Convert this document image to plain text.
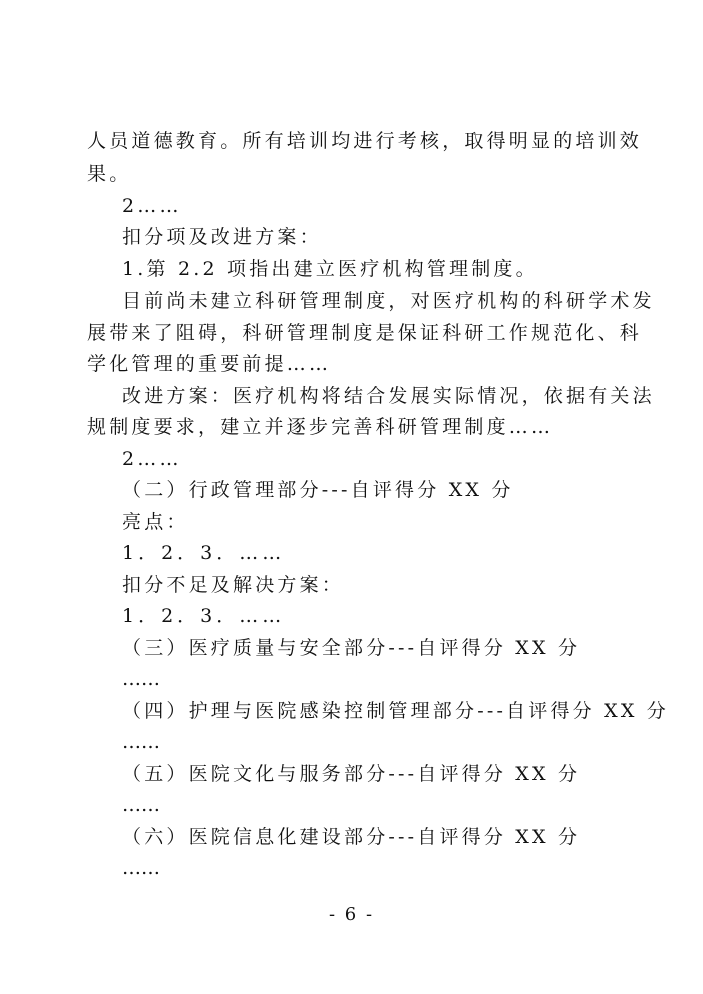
人员道德教育。所有培训均进行考核，取得明显的培训效
果。
2……
扣分项及改进方案：
1.第 2.2 项指出建立医疗机构管理制度。
目前尚未建立科研管理制度，对医疗机构的科研学术发
展带来了阻碍，科研管理制度是保证科研工作规范化、科
学化管理的重要前提……
改进方案：医疗机构将结合发展实际情况，依据有关法
规制度要求，建立并逐步完善科研管理制度……
2……
（二）行政管理部分---自评得分 XX 分
亮点：
1．2．3．……
扣分不足及解决方案：
1．2．3．……
（三）医疗质量与安全部分---自评得分 XX 分
……
（四）护理与医院感染控制管理部分---自评得分 XX 分
……
（五）医院文化与服务部分---自评得分 XX 分
……
（六）医院信息化建设部分---自评得分 XX 分
……
- 6 -
